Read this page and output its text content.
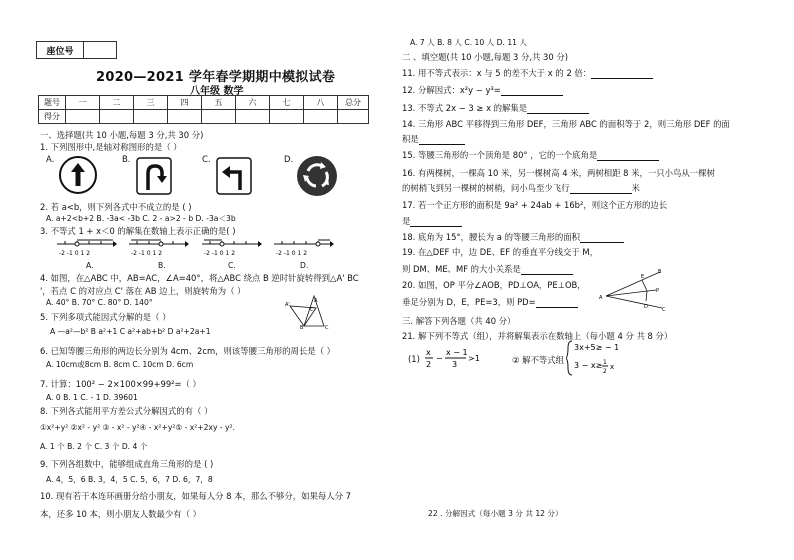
座位号
2020—2021 学年春学期期中模拟试卷
八年级 数学
题号	一	二	三	四	五	六	七	八	总分
得分									
一、选择题(共 10 小题,每题 3 分,共 30 分)
1. 下列图形中,是轴对称图形的是（ ）
A.	B.	C.	D.
2. 若 a<b，则下列各式中不成立的是 ( )
A. a+2<b+2 B. -3a< -3b C. 2 - a>2 - b D. -3a＜3b
3. 不等式 1 + x＜0 的解集在数轴上表示正确的是( )
-2 -1 0 1 2	-2 -1 0 1 2	-2 -1 0 1 2	-2 -1 0 1 2
A.	B.	C.	D.
4. 如图，在△ABC 中，AB=AC，∠A=40°，将△ABC 绕点 B 逆时针旋转得到△A' BC
'，若点 C 的对应点 C' 落在 AB 边上，则旋转角为（ ）
A. 40° B. 70° C. 80° D. 140°	A'
A
C'
B	C
5. 下列多项式能因式分解的是（ ）
A —a²—b² B a²+1 C a²+ab+b² D a²+2a+1
6. 已知等腰三角形的两边长分别为 4cm、2cm，则该等腰三角形的周长是（ ）
A. 10cm或8cm B. 8cm C. 10cm D. 6cm
7. 计算：100² − 2×100×99+99²=（ ）
A. 0 B. 1 C. - 1 D. 39601
8. 下列各式能用平方差公式分解因式的有（ ）
①x²+y² ②x² - y² ③ - x² - y²④ - x²+y²⑤ - x²+2xy - y².
A. 1 个 B. 2 个 C. 3 个 D. 4 个
9. 下列各组数中，能够组成直角三角形的是 ( )
A. 4，5，6 B. 3，4，5 C. 5，6，7 D. 6，7，8
10. 现有若干本连环画册分给小朋友，如果每人分 8 本，那么不够分，如果每人分 7
本，还多 10 本，则小朋友人数最少有（ ）
A. 7 人 B. 8 人 C. 10 人 D. 11 人
二 、填空题(共 10 小题,每题 3 分,共 30 分)
11. 用不等式表示：x 与 5 的差不大于 x 的 2 倍：
12. 分解因式：x²y − y³=
13. 不等式 2x − 3 ≥ x 的解集是
14. 三角形 ABC 平移得到三角形 DEF，三角形 ABC 的面积等于 2，则三角形 DEF 的面
积是
15. 等腰三角形的一个顶角是 80° ，它的一个底角是
16. 有两棵树，一棵高 10 米，另一棵树高 4 米，两树相距 8 米，一只小鸟从一棵树
的树梢飞到另一棵树的树梢，问小鸟至少飞行	米
17. 若一个正方形的面积是 9a² + 24ab + 16b²，则这个正方形的边长
是
18. 底角为 15°，腰长为 a 的等腰三角形的面积
19. 在△DEF 中，边 DE、EF 的垂直平分线交于 M，
则 DM、ME、MF 的大小关系是
20. 如图，OP 平分∠AOB，PD⊥OA，PE⊥OB，
垂足分别为 D，E，PE=3，则 PD=	A
B
P
E
D	C
三. 解答下列各题（共 40 分）
21. 解下列不等式（组），并将解集表示在数轴上（每小题 4 分 共 8 分）
(1)
x
2
−
x − 1
3
>1	② 解不等式组
3x+5≥ − 1
3 − x≥ 1
2
x
22 . 分解因式（每小题 3 分 共 12 分）
